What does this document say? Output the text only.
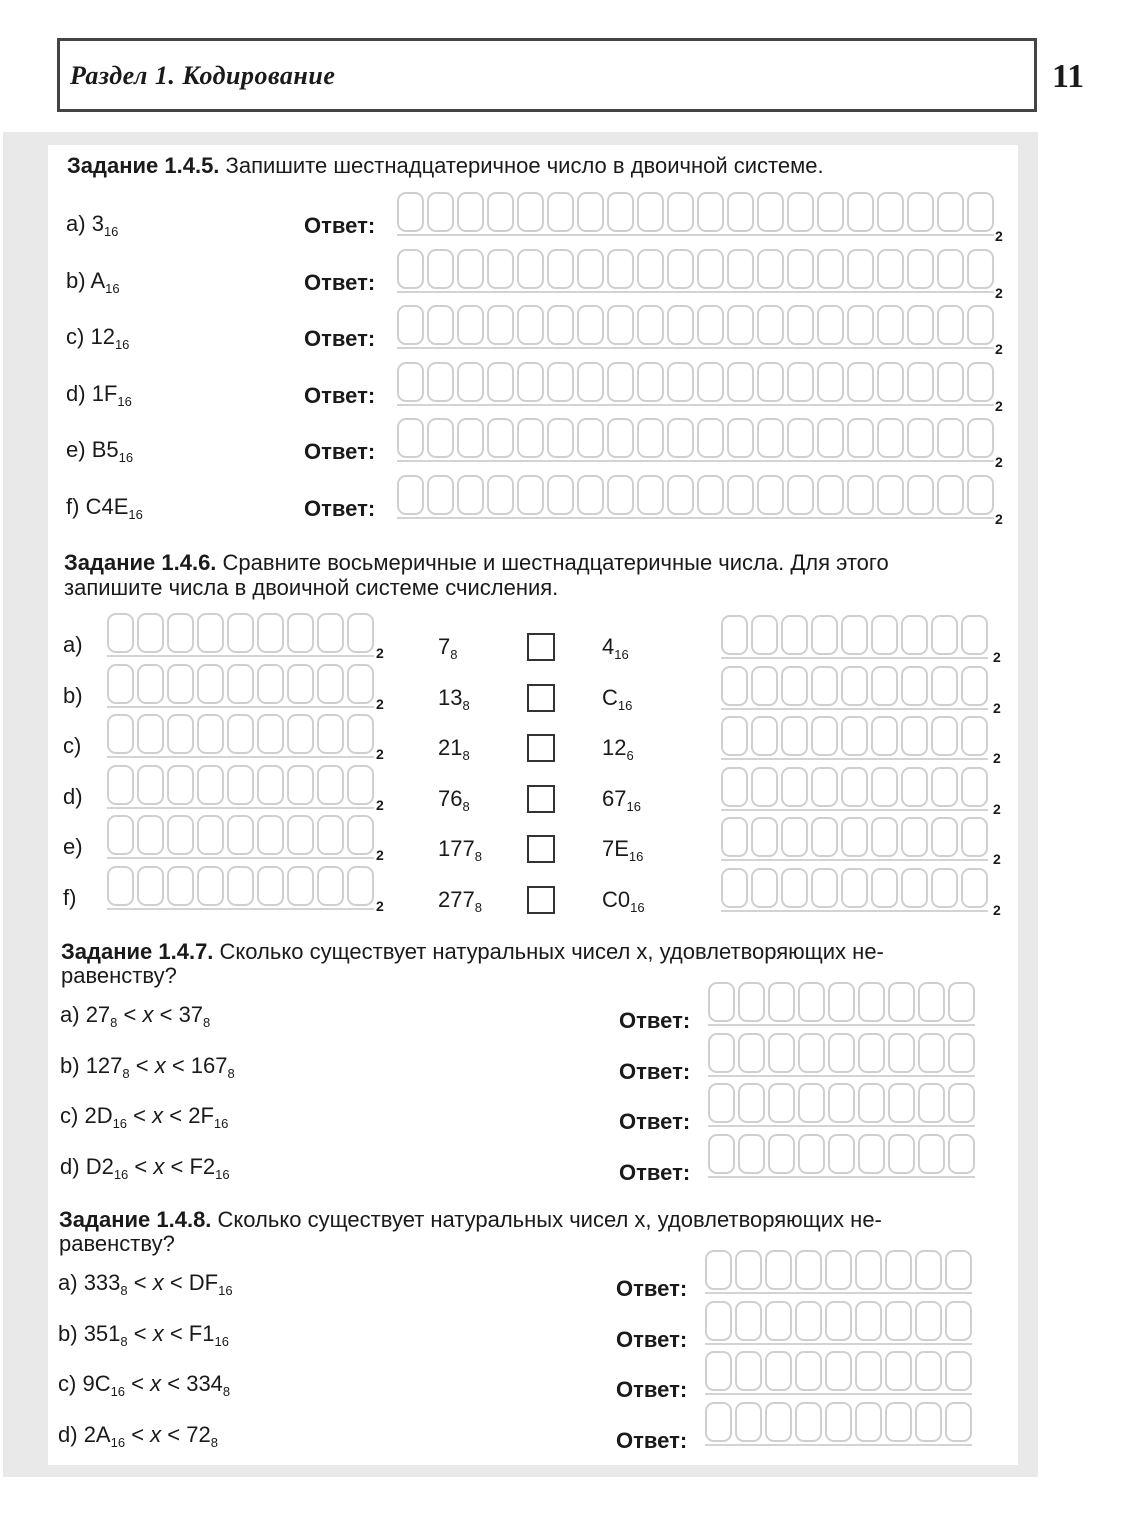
Раздел 1. Кодирование	11
Задание 1.4.5. Запишите шестнадцатеричное число в двоичной системе.
a) $3_{16}$	Ответ:	2
b) $A_{16}$	Ответ:	2
c) $12_{16}$	Ответ:	2
d) $1F_{16}$	Ответ:	2
e) $B5_{16}$	Ответ:	2
f) $C4E_{16}$	Ответ:	2
Задание 1.4.6. Сравните восьмеричные и шестнадцатеричные числа. Для этого
запишите числа в двоичной системе счисления.
a)	2 $7_8$	$4_{16}$	2
b)	2 $13_8$	$C_{16}$	2
c)	2 $21_8$	$12_6$	2
d)	2 $76_8$	$67_{16}$	2
e)	2 $177_8$	$7E_{16}$	2
f)	2 $277_8$	$C0_{16}$	2
Задание 1.4.7. Сколько существует натуральных чисел x, удовлетворяющих не-
равенству?
a) $27_8 < x < 37_8$	Ответ:
b) $127_8 < x < 167_8$	Ответ:
c) $2D_{16} < x < 2F_{16}$	Ответ:
d) $D2_{16} < x < F2_{16}$	Ответ:
Задание 1.4.8. Сколько существует натуральных чисел x, удовлетворяющих не-
равенству?
a) $333_8 < x < DF_{16}$	Ответ:
b) $351_8 < x < F1_{16}$	Ответ:
c) $9C_{16} < x < 334_8$	Ответ:
d) $2A_{16} < x < 72_8$	Ответ:
